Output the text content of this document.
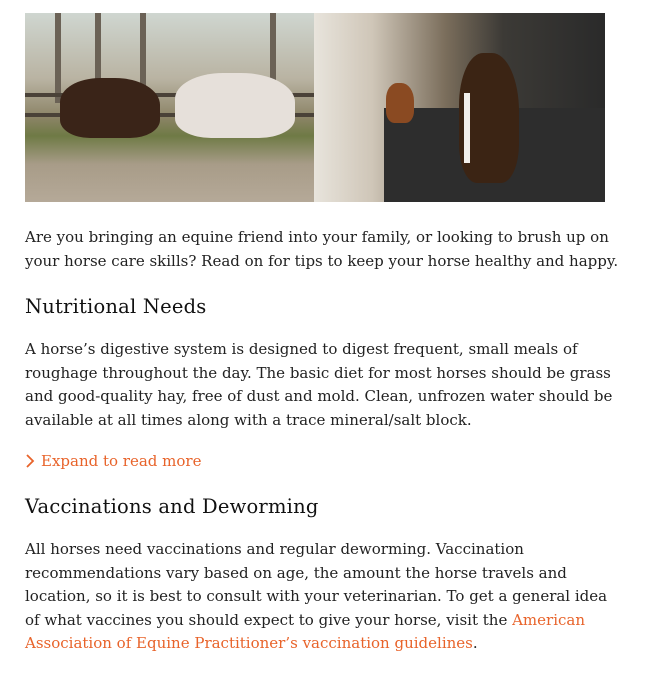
Are you bringing an equine friend into your family, or looking to brush up on your horse care skills? Read on for tips to keep your horse healthy and happy.

Nutritional Needs

A horse’s digestive system is designed to digest frequent, small meals of roughage throughout the day. The basic diet for most horses should be grass and good-quality hay, free of dust and mold. Clean, unfrozen water should be available at all times along with a trace mineral/salt block.

Expand to read more
Vaccinations and Deworming

All horses need vaccinations and regular deworming. Vaccination recommendations vary based on age, the amount the horse travels and location, so it is best to consult with your veterinarian. To get a general idea of what vaccines you should expect to give your horse, visit the American Association of Equine Practitioner’s vaccination guidelines.
